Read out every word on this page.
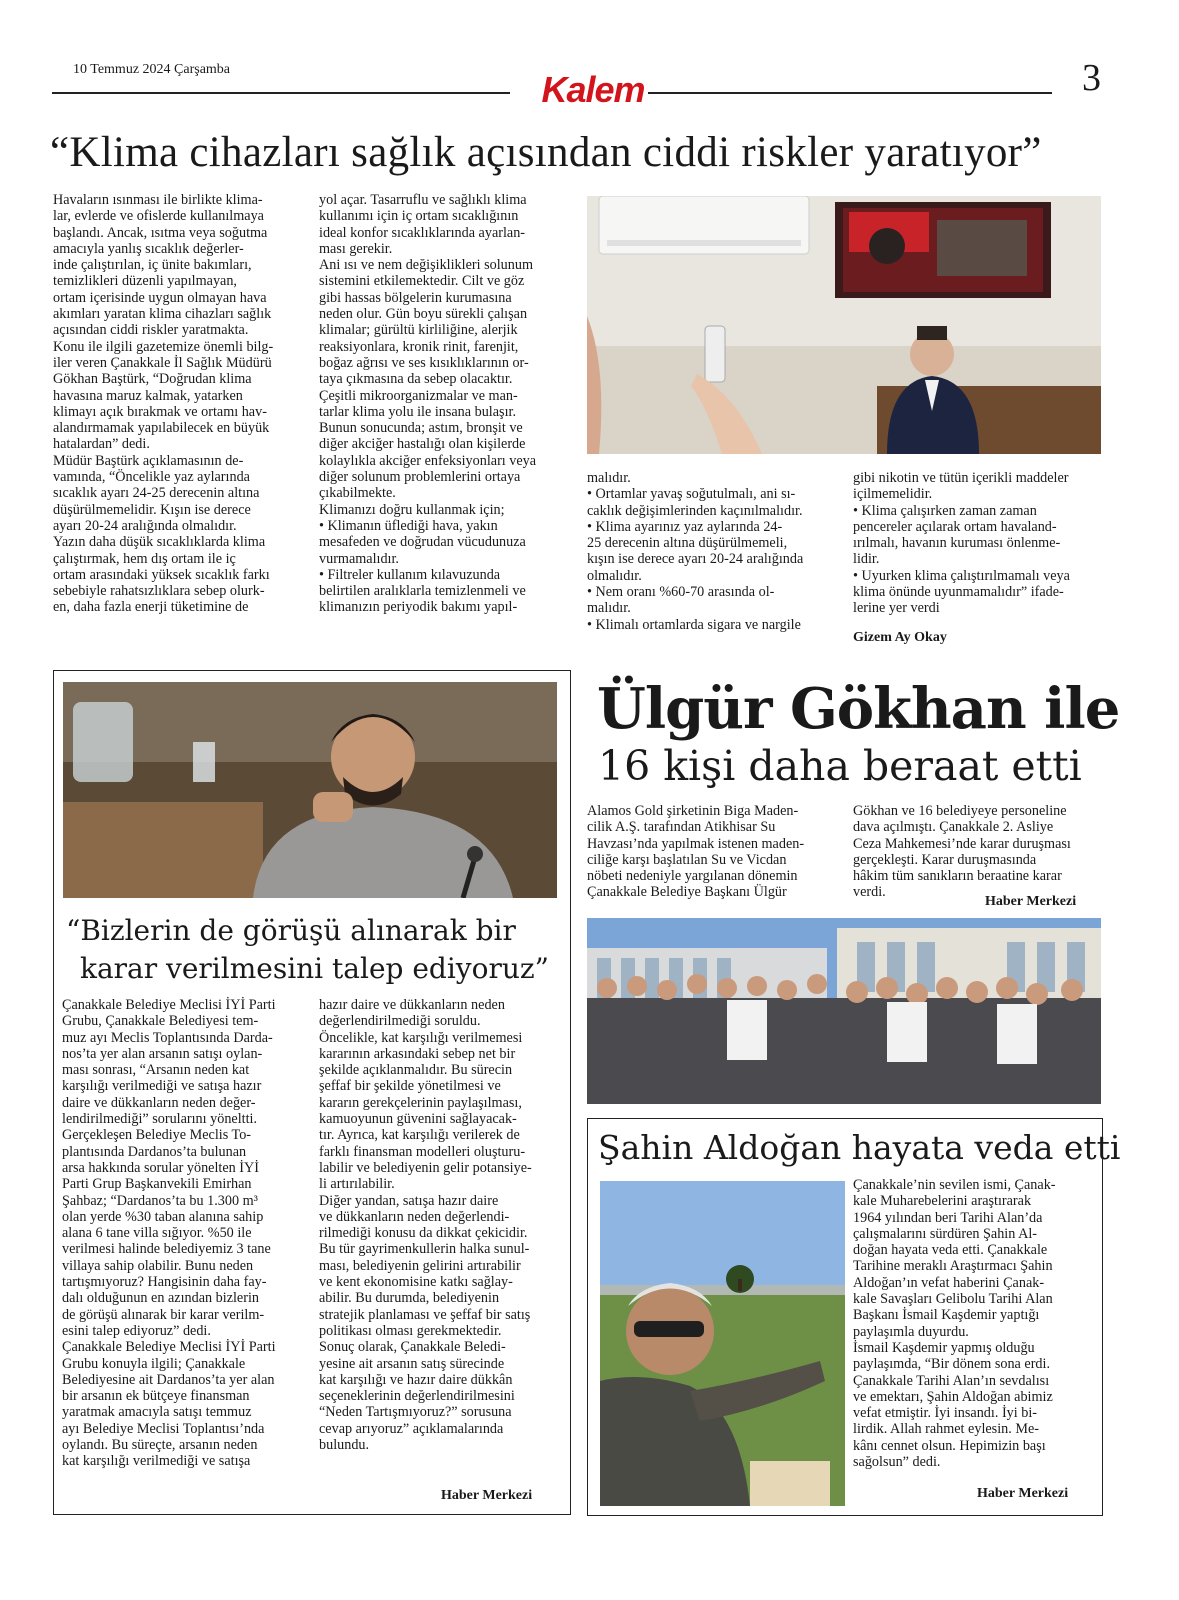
10 Temmuz 2024 Çarşamba	Kalem	3
“Klima cihazları sağlık açısından ciddi riskler yaratıyor”

Havaların ısınması ile birlikte klima-

lar, evlerde ve ofislerde kullanılmaya

başlandı. Ancak, ısıtma veya soğutma

amacıyla yanlış sıcaklık değerler-

inde çalıştırılan, iç ünite bakımları,

temizlikleri düzenli yapılmayan,

ortam içerisinde uygun olmayan hava

akımları yaratan klima cihazları sağlık

açısından ciddi riskler yaratmakta.

Konu ile ilgili gazetemize önemli bilg-

iler veren Çanakkale İl Sağlık Müdürü

Gökhan Baştürk, “Doğrudan klima

havasına maruz kalmak, yatarken

klimayı açık bırakmak ve ortamı hav-

alandırmamak yapılabilecek en büyük

hatalardan” dedi.

Müdür Baştürk açıklamasının de-

vamında, “Öncelikle yaz aylarında

sıcaklık ayarı 24-25 derecenin altına

düşürülmemelidir. Kışın ise derece

ayarı 20-24 aralığında olmalıdır.

Yazın daha düşük sıcaklıklarda klima

çalıştırmak, hem dış ortam ile iç

ortam arasındaki yüksek sıcaklık farkı

sebebiyle rahatsızlıklara sebep olurk-

en, daha fazla enerji tüketimine de

yol açar. Tasarruflu ve sağlıklı klima

kullanımı için iç ortam sıcaklığının

ideal konfor sıcaklıklarında ayarlan-

ması gerekir.

Ani ısı ve nem değişiklikleri solunum

sistemini etkilemektedir. Cilt ve göz

gibi hassas bölgelerin kurumasına

neden olur. Gün boyu sürekli çalışan

klimalar; gürültü kirliliğine, alerjik

reaksiyonlara, kronik rinit, farenjit,

boğaz ağrısı ve ses kısıklıklarının or-

taya çıkmasına da sebep olacaktır.

Çeşitli mikroorganizmalar ve man-

tarlar klima yolu ile insana bulaşır.

Bunun sonucunda; astım, bronşit ve

diğer akciğer hastalığı olan kişilerde

kolaylıkla akciğer enfeksiyonları veya

diğer solunum problemlerini ortaya

çıkabilmekte.

Klimanızı doğru kullanmak için;

• Klimanın üflediği hava, yakın

mesafeden ve doğrudan vücudunuza

vurmamalıdır.

• Filtreler kullanım kılavuzunda

belirtilen aralıklarla temizlenmeli ve

klimanızın periyodik bakımı yapıl-

malıdır.

• Ortamlar yavaş soğutulmalı, ani sı-

caklık değişimlerinden kaçınılmalıdır.

• Klima ayarınız yaz aylarında 24-

25 derecenin altına düşürülmemeli,

kışın ise derece ayarı 20-24 aralığında

olmalıdır.

• Nem oranı %60-70 arasında ol-

malıdır.

• Klimalı ortamlarda sigara ve nargile

gibi nikotin ve tütün içerikli maddeler

içilmemelidir.

• Klima çalışırken zaman zaman

pencereler açılarak ortam havaland-

ırılmalı, havanın kuruması önlenme-

lidir.

• Uyurken klima çalıştırılmamalı veya

klima önünde uyunmamalıdır” ifade-

lerine yer verdi

Gizem Ay Okay
“Bizlerin de görüşü alınarak bir
karar verilmesini talep ediyoruz”

Çanakkale Belediye Meclisi İYİ Parti

Grubu, Çanakkale Belediyesi tem-

muz ayı Meclis Toplantısında Darda-

nos’ta yer alan arsanın satışı oylan-

ması sonrası, “Arsanın neden kat

karşılığı verilmediği ve satışa hazır

daire ve dükkanların neden değer-

lendirilmediği” sorularını yöneltti.

Gerçekleşen Belediye Meclis To-

plantısında Dardanos’ta bulunan

arsa hakkında sorular yönelten İYİ

Parti Grup Başkanvekili Emirhan

Şahbaz; “Dardanos’ta bu 1.300 m³

olan yerde %30 taban alanına sahip

alana 6 tane villa sığıyor. %50 ile

verilmesi halinde belediyemiz 3 tane

villaya sahip olabilir. Bunu neden

tartışmıyoruz? Hangisinin daha fay-

dalı olduğunun en azından bizlerin

de görüşü alınarak bir karar verilm-

esini talep ediyoruz” dedi.

Çanakkale Belediye Meclisi İYİ Parti

Grubu konuyla ilgili; Çanakkale

Belediyesine ait Dardanos’ta yer alan

bir arsanın ek bütçeye finansman

yaratmak amacıyla satışı temmuz

ayı Belediye Meclisi Toplantısı’nda

oylandı. Bu süreçte, arsanın neden

kat karşılığı verilmediği ve satışa

hazır daire ve dükkanların neden

değerlendirilmediği soruldu.

Öncelikle, kat karşılığı verilmemesi

kararının arkasındaki sebep net bir

şekilde açıklanmalıdır. Bu sürecin

şeffaf bir şekilde yönetilmesi ve

kararın gerekçelerinin paylaşılması,

kamuoyunun güvenini sağlayacak-

tır. Ayrıca, kat karşılığı verilerek de

farklı finansman modelleri oluşturu-

labilir ve belediyenin gelir potansiye-

li artırılabilir.

Diğer yandan, satışa hazır daire

ve dükkanların neden değerlendi-

rilmediği konusu da dikkat çekicidir.

Bu tür gayrimenkullerin halka sunul-

ması, belediyenin gelirini artırabilir

ve kent ekonomisine katkı sağlay-

abilir. Bu durumda, belediyenin

stratejik planlaması ve şeffaf bir satış

politikası olması gerekmektedir.

Sonuç olarak, Çanakkale Beledi-

yesine ait arsanın satış sürecinde

kat karşılığı ve hazır daire dükkân

seçeneklerinin değerlendirilmesini

“Neden Tartışmıyoruz?” sorusuna

cevap arıyoruz” açıklamalarında

bulundu.

Haber Merkezi
Ülgür Gökhan ile
16 kişi daha beraat etti

Alamos Gold şirketinin Biga Maden-

cilik A.Ş. tarafından Atikhisar Su

Havzası’nda yapılmak istenen maden-

ciliğe karşı başlatılan Su ve Vicdan

nöbeti nedeniyle yargılanan dönemin

Çanakkale Belediye Başkanı Ülgür

Gökhan ve 16 belediyeye personeline

dava açılmıştı. Çanakkale 2. Asliye

Ceza Mahkemesi’nde karar duruşması

gerçekleşti. Karar duruşmasında

hâkim tüm sanıkların beraatine karar

verdi.

Haber Merkezi
Şahin Aldoğan hayata veda etti

Çanakkale’nin sevilen ismi, Çanak-

kale Muharebelerini araştırarak

1964 yılından beri Tarihi Alan’da

çalışmalarını sürdüren Şahin Al-

doğan hayata veda etti. Çanakkale

Tarihine meraklı Araştırmacı Şahin

Aldoğan’ın vefat haberini Çanak-

kale Savaşları Gelibolu Tarihi Alan

Başkanı İsmail Kaşdemir yaptığı

paylaşımla duyurdu.

İsmail Kaşdemir yapmış olduğu

paylaşımda, “Bir dönem sona erdi.

Çanakkale Tarihi Alan’ın sevdalısı

ve emektarı, Şahin Aldoğan abimiz

vefat etmiştir. İyi insandı. İyi bi-

lirdik. Allah rahmet eylesin. Me-

kânı cennet olsun. Hepimizin başı

sağolsun” dedi.

Haber Merkezi
